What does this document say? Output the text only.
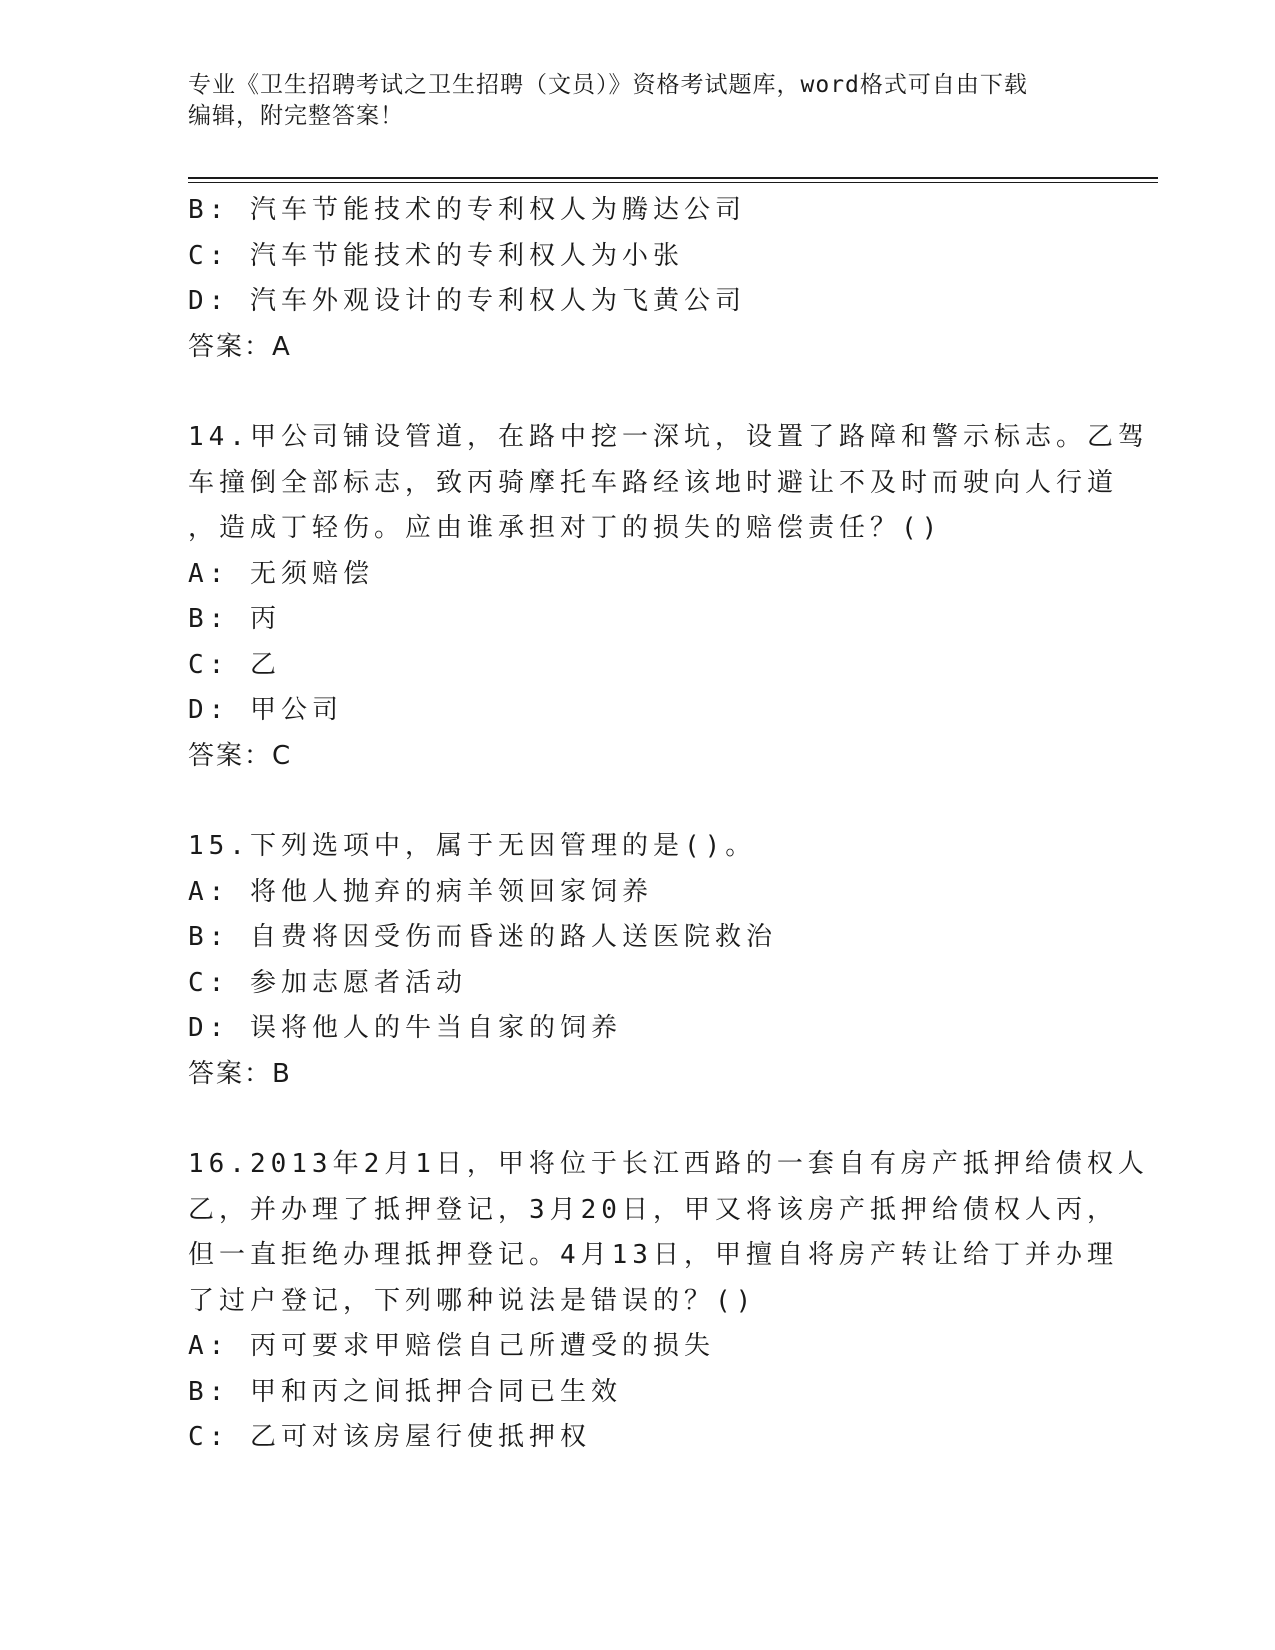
专业《卫生招聘考试之卫生招聘（文员）》资格考试题库，word格式可自由下载
编辑，附完整答案！
B: 汽车节能技术的专利权人为腾达公司
C: 汽车节能技术的专利权人为小张
D: 汽车外观设计的专利权人为飞黄公司
答案：A
14.甲公司铺设管道，在路中挖一深坑，设置了路障和警示标志。乙驾
车撞倒全部标志，致丙骑摩托车路经该地时避让不及时而驶向人行道
，造成丁轻伤。应由谁承担对丁的损失的赔偿责任？()
A: 无须赔偿
B: 丙
C: 乙
D: 甲公司
答案：C
15.下列选项中，属于无因管理的是()。
A: 将他人抛弃的病羊领回家饲养
B: 自费将因受伤而昏迷的路人送医院救治
C: 参加志愿者活动
D: 误将他人的牛当自家的饲养
答案：B
16.2013年2月1日，甲将位于长江西路的一套自有房产抵押给债权人
乙，并办理了抵押登记，3月20日，甲又将该房产抵押给债权人丙，
但一直拒绝办理抵押登记。4月13日，甲擅自将房产转让给丁并办理
了过户登记，下列哪种说法是错误的？()
A: 丙可要求甲赔偿自己所遭受的损失
B: 甲和丙之间抵押合同已生效
C: 乙可对该房屋行使抵押权
